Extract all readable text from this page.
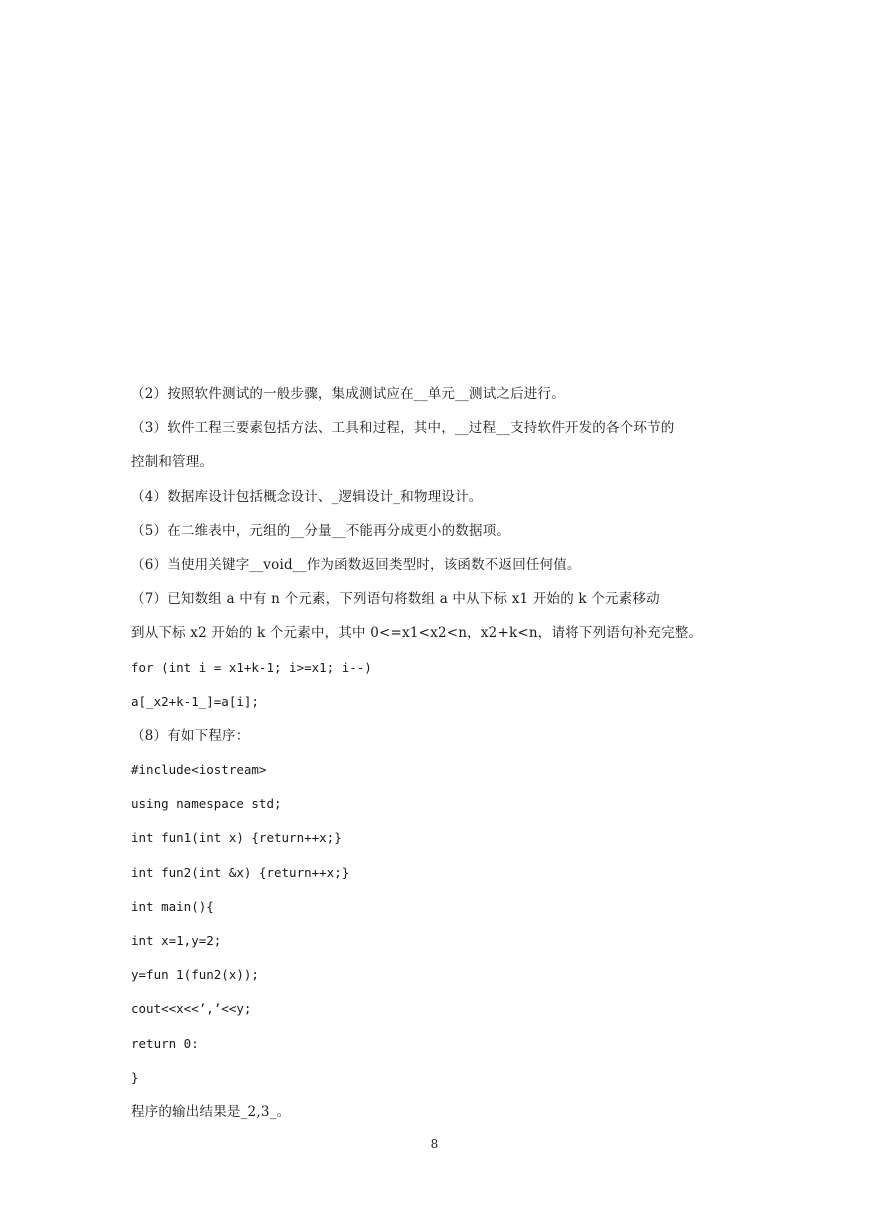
（2）按照软件测试的一般步骤，集成测试应在__单元__测试之后进行。
（3）软件工程三要素包括方法、工具和过程，其中，__过程__支持软件开发的各个环节的
控制和管理。
（4）数据库设计包括概念设计、_逻辑设计_和物理设计。
（5）在二维表中，元组的__分量__不能再分成更小的数据项。
（6）当使用关键字__void__作为函数返回类型时，该函数不返回任何值。
（7）已知数组 a 中有 n 个元素，下列语句将数组 a 中从下标 x1 开始的 k 个元素移动
到从下标 x2 开始的 k 个元素中，其中 0<=x1<x2<n，x2+k<n，请将下列语句补充完整。
for (int i = x1+k-1; i>=x1; i--)
a[_x2+k-1_]=a[i];
（8）有如下程序：
#include<iostream>
using namespace std;
int fun1(int x) {return++x;}
int fun2(int &x) {return++x;}
int main(){
int x=1,y=2;
y=fun 1(fun2(x));
cout<<x<<’,’<<y;
return 0:
}
程序的输出结果是_2,3_。
8
